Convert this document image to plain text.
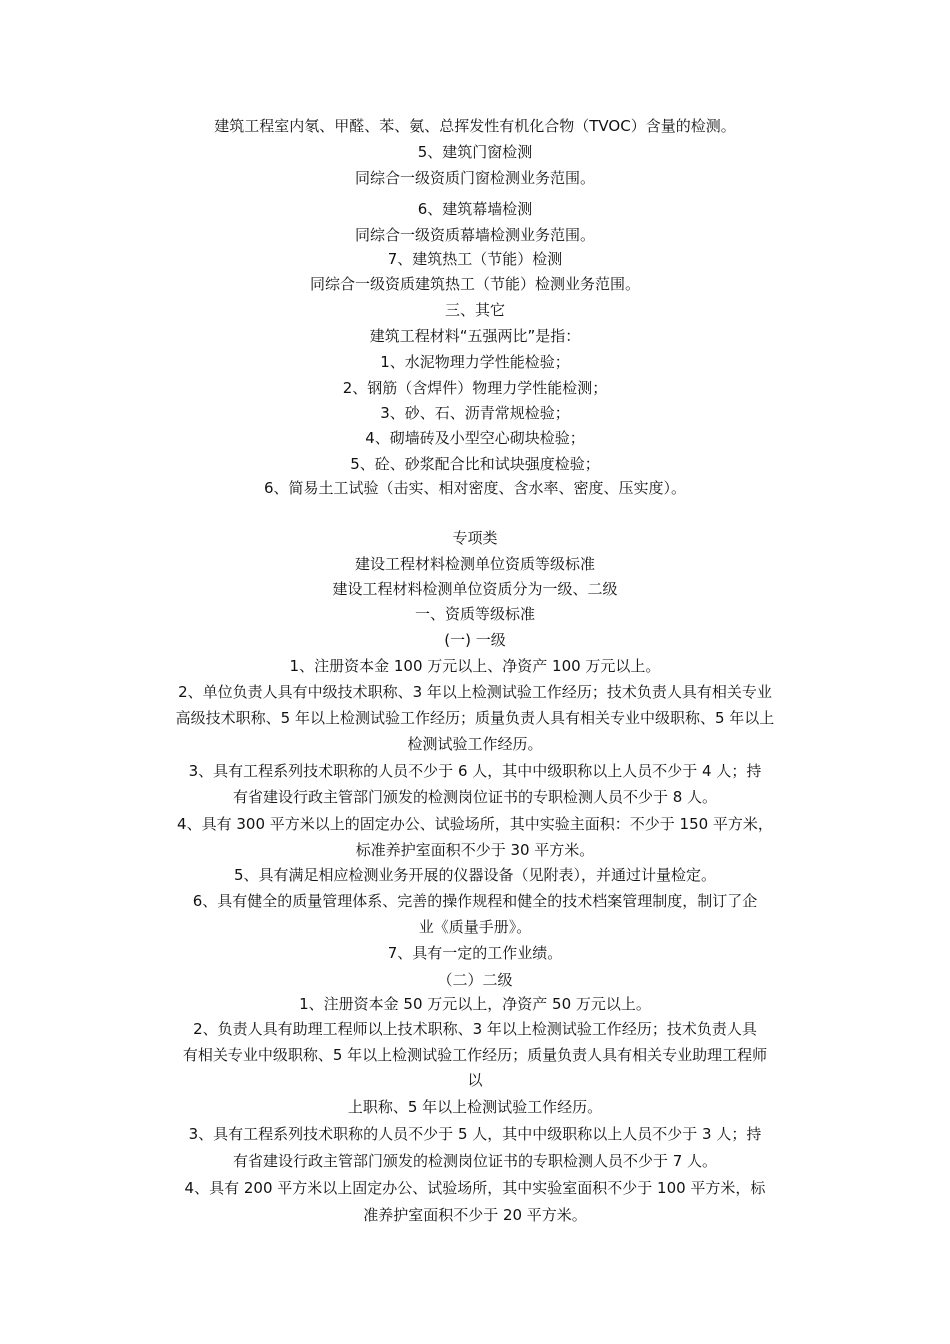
建筑工程室内氡、甲醛、苯、氨、总挥发性有机化合物（TVOC）含量的检测。
5、建筑门窗检测
同综合一级资质门窗检测业务范围。
6、建筑幕墙检测
同综合一级资质幕墙检测业务范围。
7、建筑热工（节能）检测
同综合一级资质建筑热工（节能）检测业务范围。
三、其它
建筑工程材料“五强两比”是指：
1、水泥物理力学性能检验；
2、钢筋（含焊件）物理力学性能检测；
3、砂、石、沥青常规检验；
4、砌墙砖及小型空心砌块检验；
5、砼、砂浆配合比和试块强度检验；
6、简易土工试验（击实、相对密度、含水率、密度、压实度）。
专项类
建设工程材料检测单位资质等级标准
建设工程材料检测单位资质分为一级、二级
一、资质等级标准
(一) 一级
1、注册资本金 100 万元以上、净资产 100 万元以上。
2、单位负责人具有中级技术职称、3 年以上检测试验工作经历；技术负责人具有相关专业
高级技术职称、5 年以上检测试验工作经历；质量负责人具有相关专业中级职称、5 年以上
检测试验工作经历。
3、具有工程系列技术职称的人员不少于 6 人，其中中级职称以上人员不少于 4 人；持
有省建设行政主管部门颁发的检测岗位证书的专职检测人员不少于 8 人。
4、具有 300 平方米以上的固定办公、试验场所，其中实验主面积：不少于 150 平方米，
标准养护室面积不少于 30 平方米。
5、具有满足相应检测业务开展的仪器设备（见附表），并通过计量检定。
6、具有健全的质量管理体系、完善的操作规程和健全的技术档案管理制度，制订了企
业《质量手册》。
7、具有一定的工作业绩。
（二）二级
1、注册资本金 50 万元以上，净资产 50 万元以上。
2、负责人具有助理工程师以上技术职称、3 年以上检测试验工作经历；技术负责人具
有相关专业中级职称、5 年以上检测试验工作经历；质量负责人具有相关专业助理工程师
以
上职称、5 年以上检测试验工作经历。
3、具有工程系列技术职称的人员不少于 5 人，其中中级职称以上人员不少于 3 人；持
有省建设行政主管部门颁发的检测岗位证书的专职检测人员不少于 7 人。
4、具有 200 平方米以上固定办公、试验场所，其中实验室面积不少于 100 平方米，标
准养护室面积不少于 20 平方米。
